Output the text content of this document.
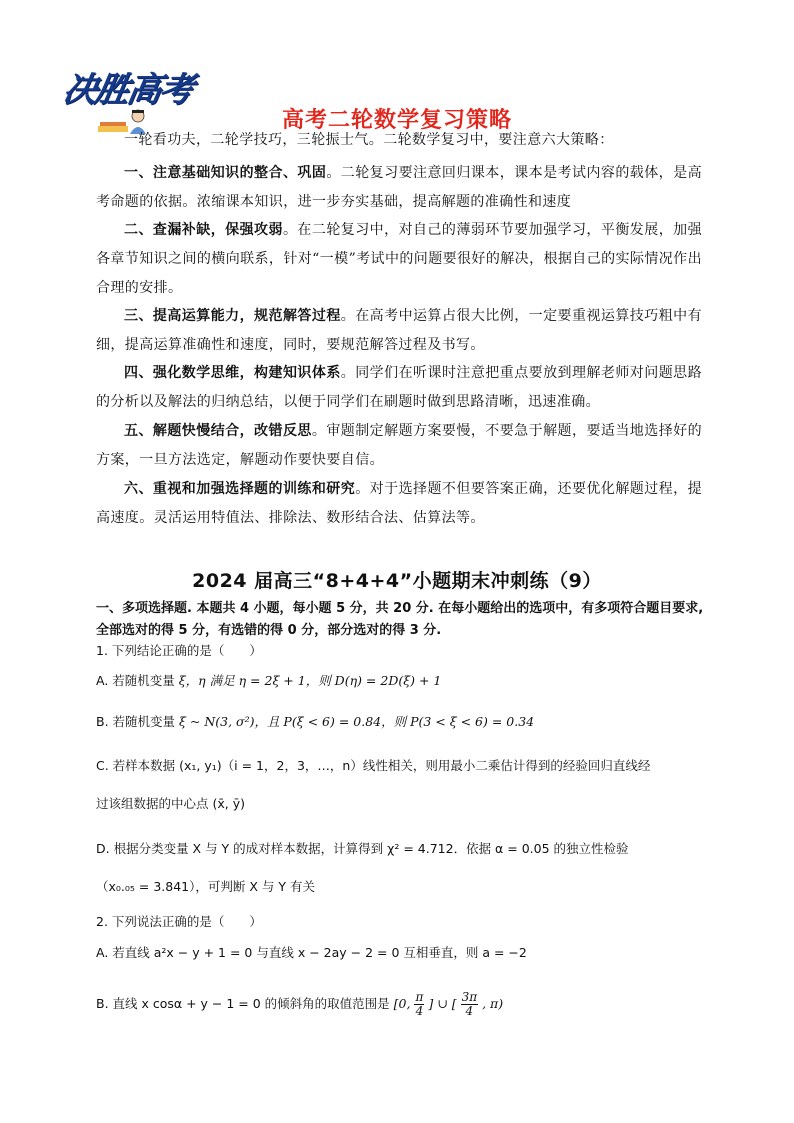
决胜高考
高考二轮数学复习策略

一轮看功夫，二轮学技巧，三轮振士气。二轮数学复习中，要注意六大策略：

一、注意基础知识的整合、巩固。二轮复习要注意回归课本，课本是考试内容的载体，是高考命题的依据。浓缩课本知识，进一步夯实基础，提高解题的准确性和速度

二、查漏补缺，保强攻弱。在二轮复习中，对自己的薄弱环节要加强学习，平衡发展，加强各章节知识之间的横向联系，针对“一模”考试中的问题要很好的解决，根据自己的实际情况作出合理的安排。

三、提高运算能力，规范解答过程。在高考中运算占很大比例，一定要重视运算技巧粗中有细，提高运算准确性和速度，同时，要规范解答过程及书写。

四、强化数学思维，构建知识体系。同学们在听课时注意把重点要放到理解老师对问题思路的分析以及解法的归纳总结，以便于同学们在刷题时做到思路清晰，迅速准确。

五、解题快慢结合，改错反思。审题制定解题方案要慢，不要急于解题，要适当地选择好的方案，一旦方法选定，解题动作要快要自信。

六、重视和加强选择题的训练和研究。对于选择题不但要答案正确，还要优化解题过程，提高速度。灵活运用特值法、排除法、数形结合法、估算法等。

2024 届高三“8+4+4”小题期末冲刺练（9）
一、多项选择题. 本题共 4 小题，每小题 5 分，共 20 分. 在每小题给出的选项中，有多项符合题目要求, 全部选对的得 5 分，有选错的得 0 分，部分选对的得 3 分.
1. 下列结论正确的是（　　）
A. 若随机变量 ξ，η 满足 η = 2ξ + 1，则 D(η) = 2D(ξ) + 1
B. 若随机变量 ξ ~ N(3, σ²)，且 P(ξ < 6) = 0.84，则 P(3 < ξ < 6) = 0.34
C. 若样本数据 (x₁, y₁)（i = 1，2，3，…，n）线性相关，则用最小二乘估计得到的经验回归直线经
过该组数据的中心点 (x̄, ȳ)
D. 根据分类变量 X 与 Y 的成对样本数据，计算得到 χ² = 4.712．依据 α = 0.05 的独立性检验
（x₀.₀₅ = 3.841），可判断 X 与 Y 有关
2. 下列说法正确的是（　　）
A. 若直线 a²x − y + 1 = 0 与直线 x − 2ay − 2 = 0 互相垂直，则 a = −2
B. 直线 x cosα + y − 1 = 0 的倾斜角的取值范围是 [0, $\frac{\pi}{4}$ ] ∪ [ $\frac{3\pi}{4}$ , π)
